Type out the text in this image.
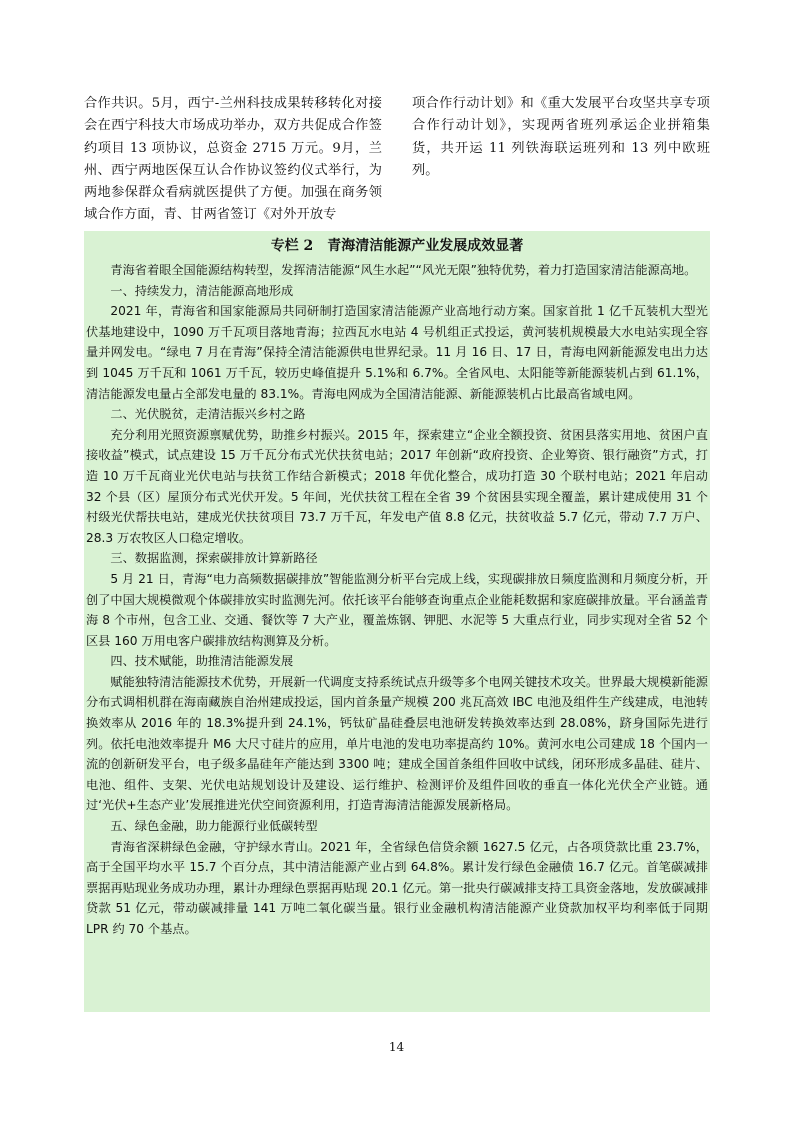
合作共识。5月，西宁-兰州科技成果转移转化对接会在西宁科技大市场成功举办，双方共促成合作签约项目 13 项协议，总资金 2715 万元。9月，兰州、西宁两地医保互认合作协议签约仪式举行，为两地参保群众看病就医提供了方便。加强在商务领域合作方面，青、甘两省签订《对外开放专

项合作行动计划》和《重大发展平台攻坚共享专项合作行动计划》，实现两省班列承运企业拼箱集货，共开运 11 列铁海联运班列和 13 列中欧班列。

专栏 2　青海清洁能源产业发展成效显著

青海省着眼全国能源结构转型，发挥清洁能源“风生水起”“风光无限”独特优势，着力打造国家清洁能源高地。

一、持续发力，清洁能源高地形成

2021 年，青海省和国家能源局共同研制打造国家清洁能源产业高地行动方案。国家首批 1 亿千瓦装机大型光伏基地建设中，1090 万千瓦项目落地青海；拉西瓦水电站 4 号机组正式投运，黄河装机规模最大水电站实现全容量并网发电。“绿电 7 月在青海”保持全清洁能源供电世界纪录。11 月 16 日、17 日，青海电网新能源发电出力达到 1045 万千瓦和 1061 万千瓦，较历史峰值提升 5.1%和 6.7%。全省风电、太阳能等新能源装机占到 61.1%，清洁能源发电量占全部发电量的 83.1%。青海电网成为全国清洁能源、新能源装机占比最高省域电网。

二、光伏脱贫，走清洁振兴乡村之路

充分利用光照资源禀赋优势，助推乡村振兴。2015 年，探索建立“企业全额投资、贫困县落实用地、贫困户直接收益”模式，试点建设 15 万千瓦分布式光伏扶贫电站；2017 年创新“政府投资、企业筹资、银行融资”方式，打造 10 万千瓦商业光伏电站与扶贫工作结合新模式；2018 年优化整合，成功打造 30 个联村电站；2021 年启动 32 个县（区）屋顶分布式光伏开发。5 年间，光伏扶贫工程在全省 39 个贫困县实现全覆盖，累计建成使用 31 个村级光伏帮扶电站，建成光伏扶贫项目 73.7 万千瓦，年发电产值 8.8 亿元，扶贫收益 5.7 亿元，带动 7.7 万户、28.3 万农牧区人口稳定增收。

三、数据监测，探索碳排放计算新路径

5 月 21 日，青海“电力高频数据碳排放”智能监测分析平台完成上线，实现碳排放日频度监测和月频度分析，开创了中国大规模微观个体碳排放实时监测先河。依托该平台能够查询重点企业能耗数据和家庭碳排放量。平台涵盖青海 8 个市州，包含工业、交通、餐饮等 7 大产业，覆盖炼钢、钾肥、水泥等 5 大重点行业，同步实现对全省 52 个区县 160 万用电客户碳排放结构测算及分析。

四、技术赋能，助推清洁能源发展

赋能独特清洁能源技术优势，开展新一代调度支持系统试点升级等多个电网关键技术攻关。世界最大规模新能源分布式调相机群在海南藏族自治州建成投运，国内首条量产规模 200 兆瓦高效 IBC 电池及组件生产线建成，电池转换效率从 2016 年的 18.3%提升到 24.1%，钙钛矿晶硅叠层电池研发转换效率达到 28.08%，跻身国际先进行列。依托电池效率提升 M6 大尺寸硅片的应用，单片电池的发电功率提高约 10%。黄河水电公司建成 18 个国内一流的创新研发平台，电子级多晶硅年产能达到 3300 吨；建成全国首条组件回收中试线，闭环形成多晶硅、硅片、电池、组件、支架、光伏电站规划设计及建设、运行维护、检测评价及组件回收的垂直一体化光伏全产业链。通过‘光伏+生态产业’发展推进光伏空间资源利用，打造青海清洁能源发展新格局。

五、绿色金融，助力能源行业低碳转型

青海省深耕绿色金融，守护绿水青山。2021 年，全省绿色信贷余额 1627.5 亿元，占各项贷款比重 23.7%，高于全国平均水平 15.7 个百分点，其中清洁能源产业占到 64.8%。累计发行绿色金融债 16.7 亿元。首笔碳减排票据再贴现业务成功办理，累计办理绿色票据再贴现 20.1 亿元。第一批央行碳减排支持工具资金落地，发放碳减排贷款 51 亿元，带动碳减排量 141 万吨二氧化碳当量。银行业金融机构清洁能源产业贷款加权平均利率低于同期 LPR 约 70 个基点。

14
